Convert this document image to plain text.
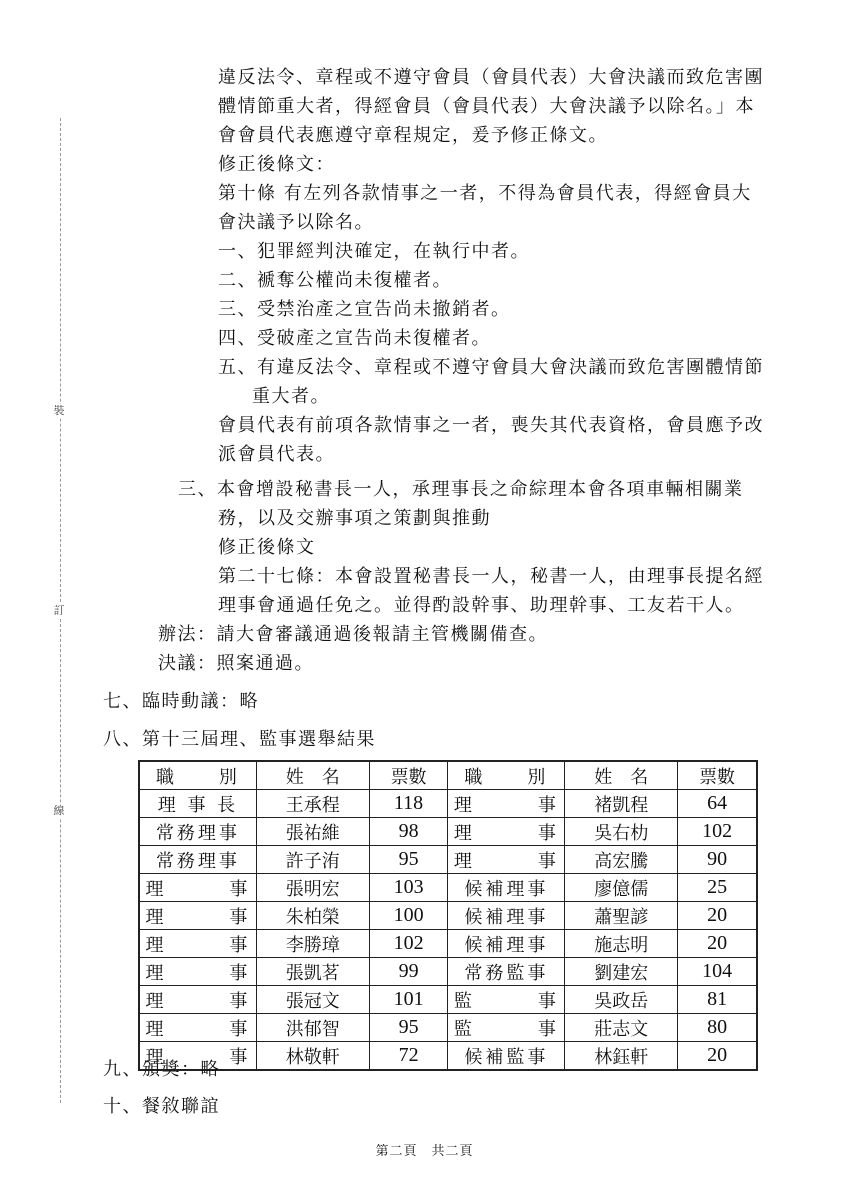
裝
訂
線
違反法令、章程或不遵守會員（會員代表）大會決議而致危害團
體情節重大者，得經會員（會員代表）大會決議予以除名。」本
會會員代表應遵守章程規定，爰予修正條文。
修正後條文：
第十條 有左列各款情事之一者，不得為會員代表，得經會員大
會決議予以除名。
一、犯罪經判決確定，在執行中者。
二、褫奪公權尚未復權者。
三、受禁治產之宣告尚未撤銷者。
四、受破產之宣告尚未復權者。
五、有違反法令、章程或不遵守會員大會決議而致危害團體情節
重大者。
會員代表有前項各款情事之一者，喪失其代表資格，會員應予改
派會員代表。
三、本會增設秘書長一人，承理事長之命綜理本會各項車輛相關業
務，以及交辦事項之策劃與推動
修正後條文
第二十七條：本會設置秘書長一人，秘書一人，由理事長提名經
理事會通過任免之。並得酌設幹事、助理幹事、工友若干人。
辦法：請大會審議通過後報請主管機關備查。
決議：照案通過。
七、臨時動議：略
八、第十三屆理、監事選舉結果
職　　別	姓　名	票數	職　　別	姓　名	票數
理 事 長	王承程	118	理　　　事	褚凱程	64
常務理事	張祐維	98	理　　　事	吳右朸	102
常務理事	許子洧	95	理　　　事	高宏騰	90
理　　　事	張明宏	103	候補理事	廖億儒	25
理　　　事	朱柏榮	100	候補理事	蕭聖諺	20
理　　　事	李勝璋	102	候補理事	施志明	20
理　　　事	張凱茗	99	常務監事	劉建宏	104
理　　　事	張冠文	101	監　　　事	吳政岳	81
理　　　事	洪郁智	95	監　　　事	莊志文	80
理　　　事	林敬軒	72	候補監事	林鈺軒	20
九、頒獎：略
十、餐敘聯誼
第二頁　共二頁
